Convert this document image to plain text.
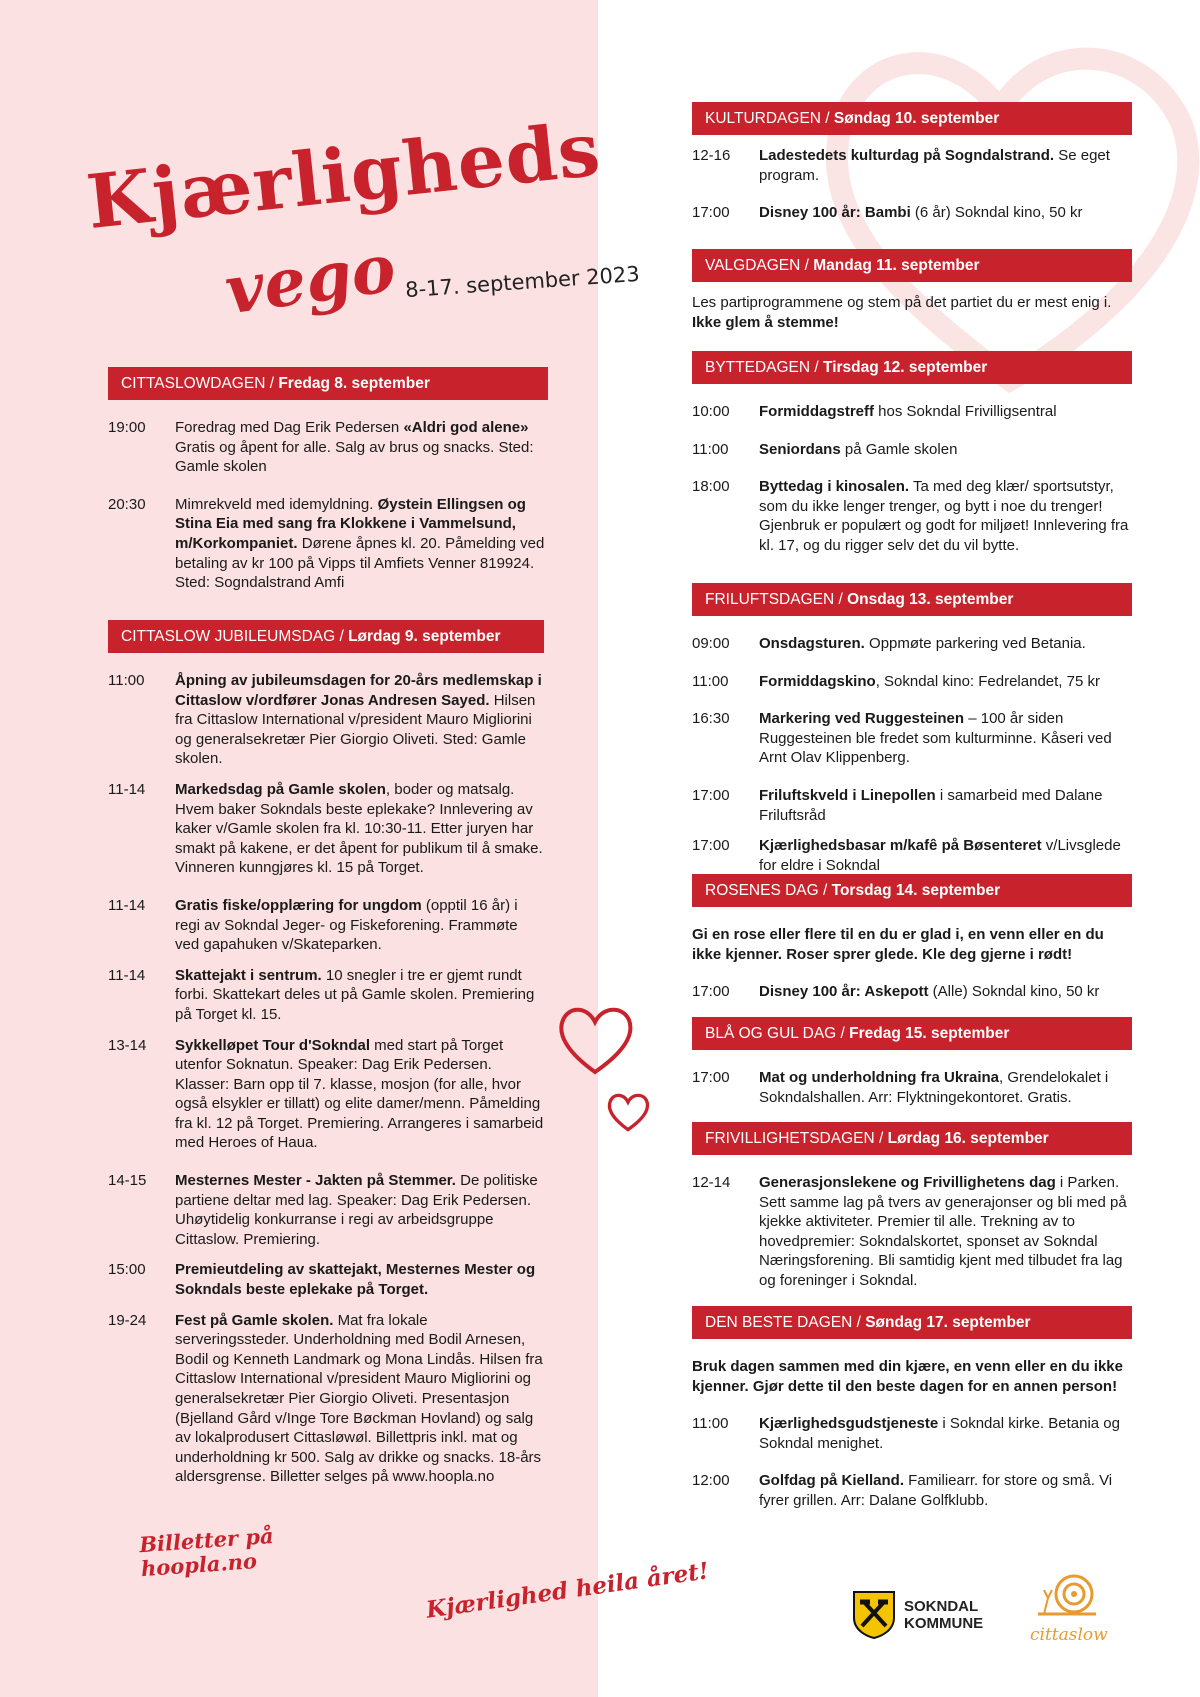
Kjærligheds
vego 8-17. september 2023
CITTASLOWDAGEN / Fredag 8. september
19:00	Foredrag med Dag Erik Pedersen «Aldri god alene» Gratis og åpent for alle. Salg av brus og snacks. Sted: Gamle skolen
20:30	Mimrekveld med idemyldning. Øystein Ellingsen og Stina Eia med sang fra Klokkene i Vammelsund, m/Korkompaniet. Dørene åpnes kl. 20. Påmelding ved betaling av kr 100 på Vipps til Amfiets Venner 819924. Sted: Sogndalstrand Amfi
CITTASLOW JUBILEUMSDAG / Lørdag 9. september
11:00	Åpning av jubileumsdagen for 20-års medlemskap i Cittaslow v/ordfører Jonas Andresen Sayed. Hilsen fra Cittaslow International v/president Mauro Migliorini og generalsekretær Pier Giorgio Oliveti. Sted: Gamle skolen.
11-14	Markedsdag på Gamle skolen, boder og matsalg. Hvem baker Sokndals beste eplekake? Innlevering av kaker v/Gamle skolen fra kl. 10:30-11. Etter juryen har smakt på kakene, er det åpent for publikum til å smake. Vinneren kunngjøres kl. 15 på Torget.
11-14	Gratis fiske/opplæring for ungdom (opptil 16 år) i regi av Sokndal Jeger- og Fiskeforening. Frammøte ved gapahuken v/Skateparken.
11-14	Skattejakt i sentrum. 10 snegler i tre er gjemt rundt forbi. Skattekart deles ut på Gamle skolen. Premiering på Torget kl. 15.
13-14	Sykkelløpet Tour d'Sokndal med start på Torget utenfor Soknatun. Speaker: Dag Erik Pedersen. Klasser: Barn opp til 7. klasse, mosjon (for alle, hvor også elsykler er tillatt) og elite damer/menn. Påmelding fra kl. 12 på Torget. Premiering. Arrangeres i samarbeid med Heroes of Haua.
14-15	Mesternes Mester - Jakten på Stemmer. De politiske partiene deltar med lag. Speaker: Dag Erik Pedersen. Uhøytidelig konkurranse i regi av arbeidsgruppe Cittaslow. Premiering.
15:00	Premieutdeling av skattejakt, Mesternes Mester og Sokndals beste eplekake på Torget.
19-24	Fest på Gamle skolen. Mat fra lokale serveringssteder. Underholdning med Bodil Arnesen, Bodil og Kenneth Landmark og Mona Lindås. Hilsen fra Cittaslow International v/president Mauro Migliorini og generalsekretær Pier Giorgio Oliveti. Presentasjon (Bjelland Gård v/Inge Tore Bøckman Hovland) og salg av lokalprodusert Cittasløwøl. Billettpris inkl. mat og underholdning kr 500. Salg av drikke og snacks. 18-års aldersgrense. Billetter selges på www.hoopla.no
Billetter på hoopla.no	Kjærlighed heila året!
KULTURDAGEN / Søndag 10. september
12-16	Ladestedets kulturdag på Sogndalstrand. Se eget program.
17:00	Disney 100 år: Bambi (6 år) Sokndal kino, 50 kr
VALGDAGEN / Mandag 11. september
Les partiprogrammene og stem på det partiet du er mest enig i. Ikke glem å stemme!
BYTTEDAGEN / Tirsdag 12. september
10:00	Formiddagstreff hos Sokndal Frivilligsentral
11:00	Seniordans på Gamle skolen
18:00	Byttedag i kinosalen. Ta med deg klær/ sportsutstyr, som du ikke lenger trenger, og bytt i noe du trenger! Gjenbruk er populært og godt for miljøet! Innlevering fra kl. 17, og du rigger selv det du vil bytte.
FRILUFTSDAGEN / Onsdag 13. september
09:00	Onsdagsturen. Oppmøte parkering ved Betania.
11:00	Formiddagskino, Sokndal kino: Fedrelandet, 75 kr
16:30	Markering ved Ruggesteinen – 100 år siden Ruggesteinen ble fredet som kulturminne. Kåseri ved Arnt Olav Klippenberg.
17:00	Friluftskveld i Linepollen i samarbeid med Dalane Friluftsråd
17:00	Kjærlighedsbasar m/kafê på Bøsenteret v/Livsglede for eldre i Sokndal
ROSENES DAG / Torsdag 14. september
Gi en rose eller flere til en du er glad i, en venn eller en du ikke kjenner. Roser sprer glede. Kle deg gjerne i rødt!
17:00	Disney 100 år: Askepott (Alle) Sokndal kino, 50 kr
BLÅ OG GUL DAG / Fredag 15. september
17:00	Mat og underholdning fra Ukraina, Grendelokalet i Sokndalshallen. Arr: Flyktningekontoret. Gratis.
FRIVILLIGHETSDAGEN / Lørdag 16. september
12-14	Generasjonslekene og Frivillighetens dag i Parken. Sett samme lag på tvers av generajonser og bli med på kjekke aktiviteter. Premier til alle. Trekning av to hovedpremier: Sokndalskortet, sponset av Sokndal Næringsforening. Bli samtidig kjent med tilbudet fra lag og foreninger i Sokndal.
DEN BESTE DAGEN / Søndag 17. september
Bruk dagen sammen med din kjære, en venn eller en du ikke kjenner. Gjør dette til den beste dagen for en annen person!
11:00	Kjærlighedsgudstjeneste i Sokndal kirke. Betania og Sokndal menighet.
12:00	Golfdag på Kielland. Familiearr. for store og små. Vi fyrer grillen. Arr: Dalane Golfklubb.
SOKNDAL
KOMMUNE
cittaslow
